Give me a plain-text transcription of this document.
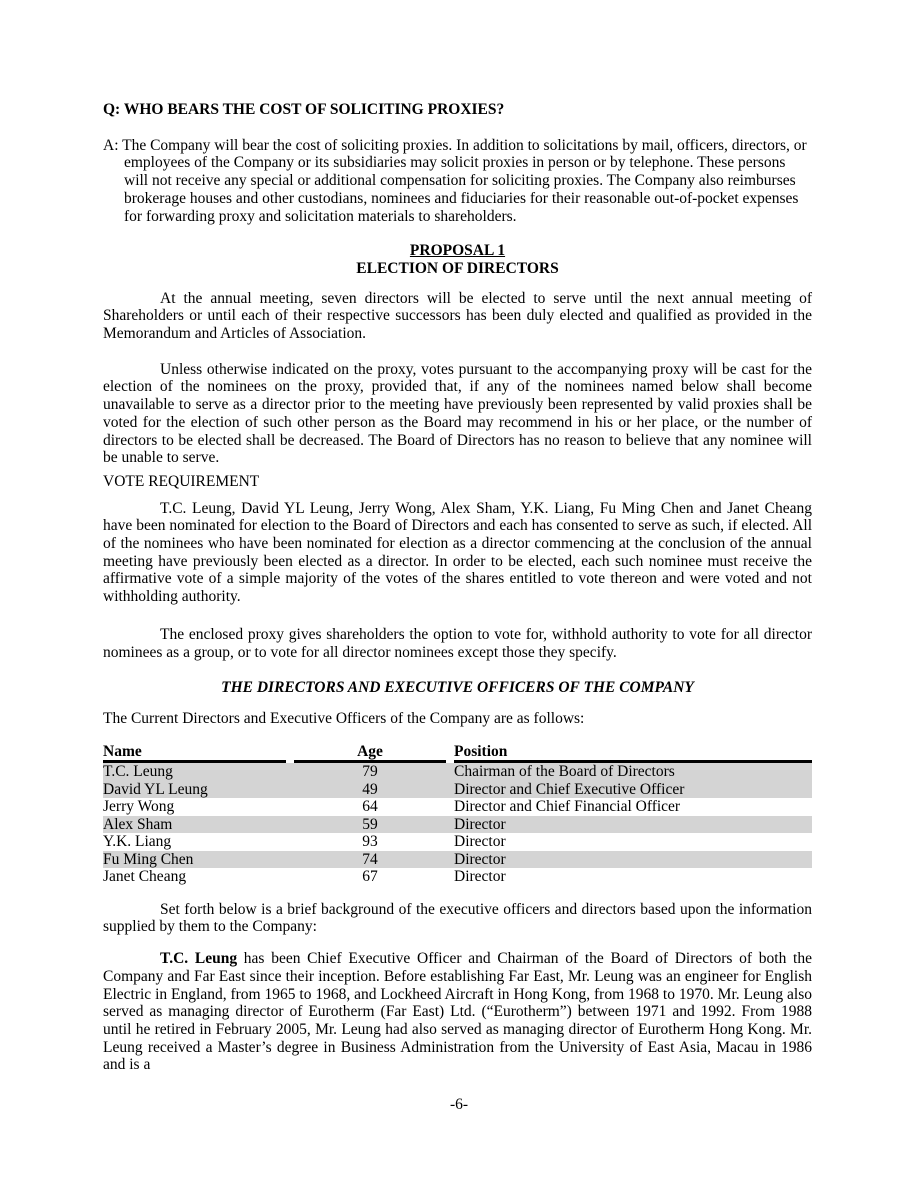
Q: WHO BEARS THE COST OF SOLICITING PROXIES?
A: The Company will bear the cost of soliciting proxies. In addition to solicitations by mail, officers, directors, or employees of the Company or its subsidiaries may solicit proxies in person or by telephone. These persons will not receive any special or additional compensation for soliciting proxies. The Company also reimburses brokerage houses and other custodians, nominees and fiduciaries for their reasonable out-of-pocket expenses for forwarding proxy and solicitation materials to shareholders.
PROPOSAL 1
ELECTION OF DIRECTORS
At the annual meeting, seven directors will be elected to serve until the next annual meeting of Shareholders or until each of their respective successors has been duly elected and qualified as provided in the Memorandum and Articles of Association.
Unless otherwise indicated on the proxy, votes pursuant to the accompanying proxy will be cast for the election of the nominees on the proxy, provided that, if any of the nominees named below shall become unavailable to serve as a director prior to the meeting have previously been represented by valid proxies shall be voted for the election of such other person as the Board may recommend in his or her place, or the number of directors to be elected shall be decreased. The Board of Directors has no reason to believe that any nominee will be unable to serve.
VOTE REQUIREMENT
T.C. Leung, David YL Leung, Jerry Wong, Alex Sham, Y.K. Liang, Fu Ming Chen and Janet Cheang have been nominated for election to the Board of Directors and each has consented to serve as such, if elected. All of the nominees who have been nominated for election as a director commencing at the conclusion of the annual meeting have previously been elected as a director. In order to be elected, each such nominee must receive the affirmative vote of a simple majority of the votes of the shares entitled to vote thereon and were voted and not withholding authority.
The enclosed proxy gives shareholders the option to vote for, withhold authority to vote for all director nominees as a group, or to vote for all director nominees except those they specify.
THE DIRECTORS AND EXECUTIVE OFFICERS OF THE COMPANY
The Current Directors and Executive Officers of the Company are as follows:
Name		Age		Position
T.C. Leung		79		Chairman of the Board of Directors
David YL Leung		49		Director and Chief Executive Officer
Jerry Wong		64		Director and Chief Financial Officer
Alex Sham		59		Director
Y.K. Liang		93		Director
Fu Ming Chen		74		Director
Janet Cheang		67		Director
Set forth below is a brief background of the executive officers and directors based upon the information supplied by them to the Company:
T.C. Leung has been Chief Executive Officer and Chairman of the Board of Directors of both the Company and Far East since their inception. Before establishing Far East, Mr. Leung was an engineer for English Electric in England, from 1965 to 1968, and Lockheed Aircraft in Hong Kong, from 1968 to 1970. Mr. Leung also served as managing director of Eurotherm (Far East) Ltd. (“Eurotherm”) between 1971 and 1992. From 1988 until he retired in February 2005, Mr. Leung had also served as managing director of Eurotherm Hong Kong. Mr. Leung received a Master’s degree in Business Administration from the University of East Asia, Macau in 1986 and is a
-6-
